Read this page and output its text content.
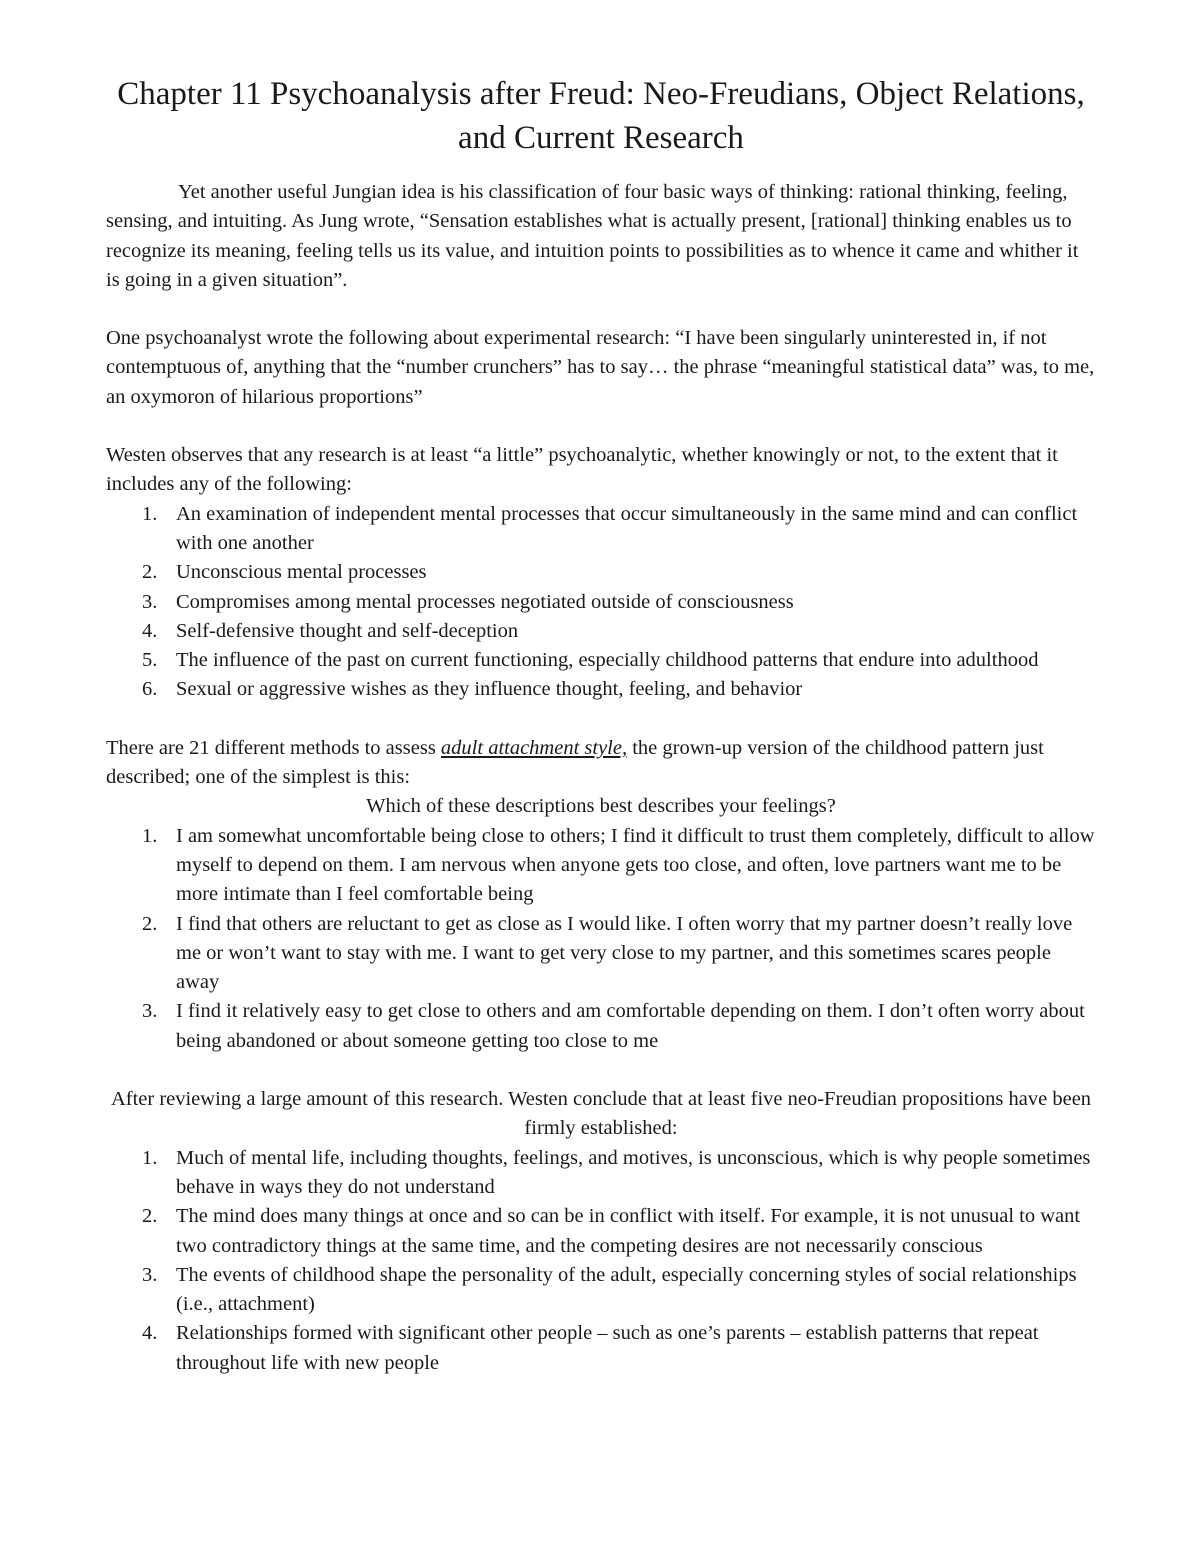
Chapter 11 Psychoanalysis after Freud: Neo-Freudians, Object Relations, and Current Research

Yet another useful Jungian idea is his classification of four basic ways of thinking: rational thinking, feeling, sensing, and intuiting. As Jung wrote, “Sensation establishes what is actually present, [rational] thinking enables us to recognize its meaning, feeling tells us its value, and intuition points to possibilities as to whence it came and whither it is going in a given situation”.

One psychoanalyst wrote the following about experimental research: “I have been singularly uninterested in, if not contemptuous of, anything that the “number crunchers” has to say… the phrase “meaningful statistical data” was, to me, an oxymoron of hilarious proportions”

Westen observes that any research is at least “a little” psychoanalytic, whether knowingly or not, to the extent that it includes any of the following:

1. An examination of independent mental processes that occur simultaneously in the same mind and can conflict with one another
2. Unconscious mental processes
3. Compromises among mental processes negotiated outside of consciousness
4. Self-defensive thought and self-deception
5. The influence of the past on current functioning, especially childhood patterns that endure into adulthood
6. Sexual or aggressive wishes as they influence thought, feeling, and behavior

There are 21 different methods to assess adult attachment style, the grown-up version of the childhood pattern just described; one of the simplest is this:

Which of these descriptions best describes your feelings?

1. I am somewhat uncomfortable being close to others; I find it difficult to trust them completely, difficult to allow myself to depend on them. I am nervous when anyone gets too close, and often, love partners want me to be more intimate than I feel comfortable being
2. I find that others are reluctant to get as close as I would like. I often worry that my partner doesn’t really love me or won’t want to stay with me. I want to get very close to my partner, and this sometimes scares people away
3. I find it relatively easy to get close to others and am comfortable depending on them. I don’t often worry about being abandoned or about someone getting too close to me

After reviewing a large amount of this research. Westen conclude that at least five neo-Freudian propositions have been firmly established:

1. Much of mental life, including thoughts, feelings, and motives, is unconscious, which is why people sometimes behave in ways they do not understand
2. The mind does many things at once and so can be in conflict with itself. For example, it is not unusual to want two contradictory things at the same time, and the competing desires are not necessarily conscious
3. The events of childhood shape the personality of the adult, especially concerning styles of social relationships (i.e., attachment)
4. Relationships formed with significant other people – such as one’s parents – establish patterns that repeat throughout life with new people
